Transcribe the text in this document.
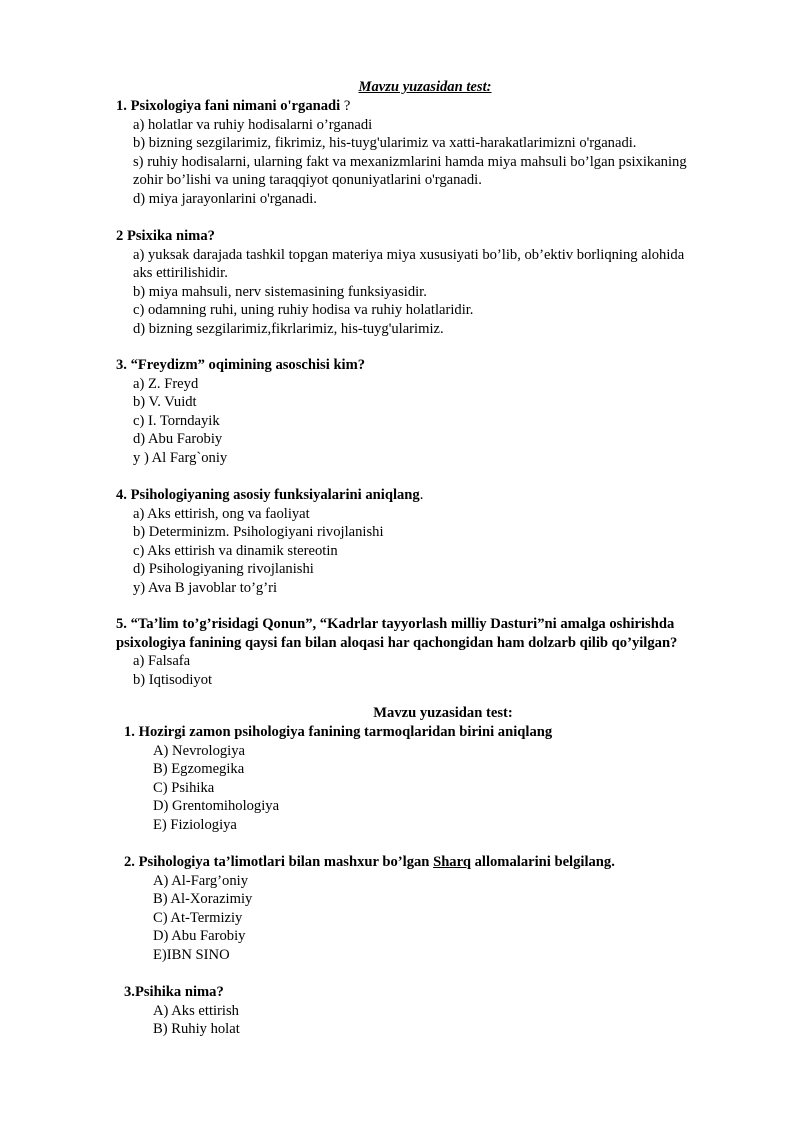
Mavzu yuzasidan test:

1. Psixologiya fani nimani o'rganadi ?

a) holatlar va ruhiy hodisalarni o’rganadi

b) bizning sezgilarimiz, fikrimiz, his-tuyg'ularimiz va xatti-harakatlarimizni o'rganadi.

s) ruhiy hodisalarni, ularning fakt va mexanizmlarini hamda miya mahsuli bo’lgan psixikaning

zohir bo’lishi va uning taraqqiyot qonuniyatlarini o'rganadi.

d) miya jarayonlarini o'rganadi.

2 Psixika nima?

a) yuksak darajada tashkil topgan materiya miya xususiyati bo’lib, ob’ektiv borliqning alohida

aks ettirilishidir.

b) miya mahsuli, nerv sistemasining funksiyasidir.

c) odamning ruhi, uning ruhiy hodisa va ruhiy holatlaridir.

d) bizning sezgilarimiz,fikrlarimiz, his-tuyg'ularimiz.

3. “Freydizm” oqimining asoschisi kim?

a) Z. Freyd

b) V. Vuidt

c) I. Torndayik

d) Abu Farobiy

y ) Al Farg`oniy

4. Psihologiyaning asosiy funksiyalarini aniqlang.

a) Aks ettirish, ong va faoliyat

b) Determinizm. Psihologiyani rivojlanishi

c) Aks ettirish va dinamik stereotin

d) Psihologiyaning rivojlanishi

y) Ava B javoblar to’g’ri

5. “Ta’lim to’g’risidagi Qonun”, “Kadrlar tayyorlash milliy Dasturi”ni amalga oshirishda

psixologiya fanining qaysi fan bilan aloqasi har qachongidan ham dolzarb qilib qo’yilgan?

a) Falsafa

b) Iqtisodiyot

Mavzu yuzasidan test:

1. Hozirgi zamon psihologiya fanining tarmoqlaridan birini aniqlang

A) Nevrologiya

B) Egzomegika

C) Psihika

D) Grentomihologiya

E) Fiziologiya

2. Psihologiya ta’limotlari bilan mashxur bo’lgan Sharq allomalarini belgilang.

A) Al-Farg’oniy

B) Al-Xorazimiy

C) At-Termiziy

D) Abu Farobiy

E)IBN SINO

3.Psihika nima?

A) Aks ettirish

B) Ruhiy holat
